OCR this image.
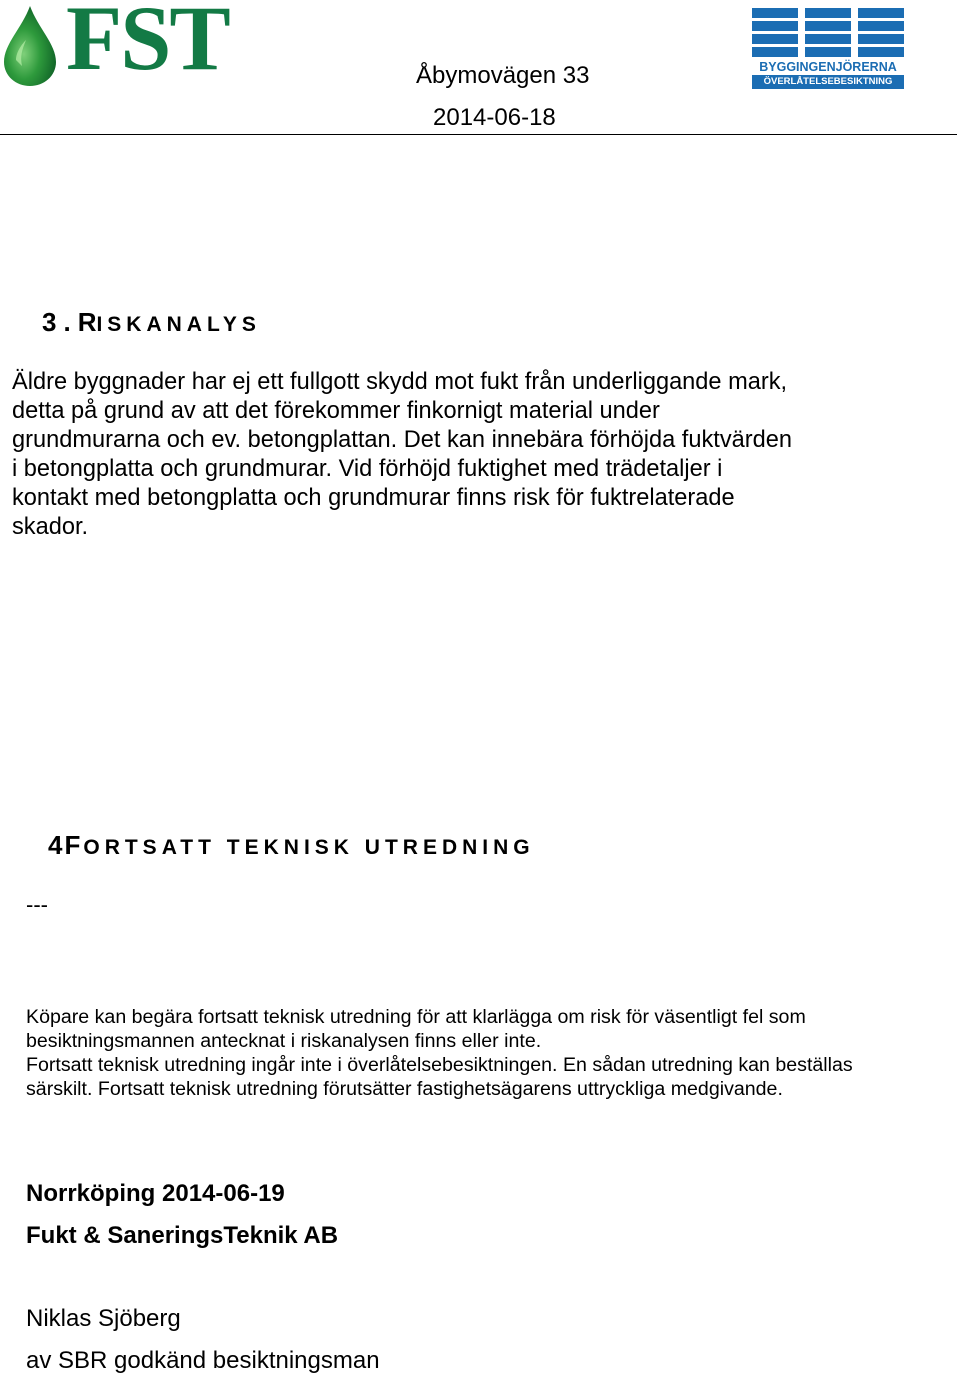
FST	BYGGINGENJÖRERNA
ÖVERLÅTELSEBESIKTNING
Åbymovägen 33
2014-06-18
3.RISKANALYS
Äldre byggnader har ej ett fullgott skydd mot fukt från underliggande mark,
detta på grund av att det förekommer finkornigt material under
grundmurarna och ev. betongplattan. Det kan innebära förhöjda fuktvärden
i betongplatta och grundmurar. Vid förhöjd fuktighet med trädetaljer i
kontakt med betongplatta och grundmurar finns risk för fuktrelaterade
skador.
4FORTSATT TEKNISK UTREDNING
---
Köpare kan begära fortsatt teknisk utredning för att klarlägga om risk för väsentligt fel som
besiktningsmannen antecknat i riskanalysen finns eller inte.
Fortsatt teknisk utredning ingår inte i överlåtelsebesiktningen. En sådan utredning kan beställas
särskilt. Fortsatt teknisk utredning förutsätter fastighetsägarens uttryckliga medgivande.
Norrköping 2014-06-19
Fukt & SaneringsTeknik AB
Niklas Sjöberg
av SBR godkänd besiktningsman
